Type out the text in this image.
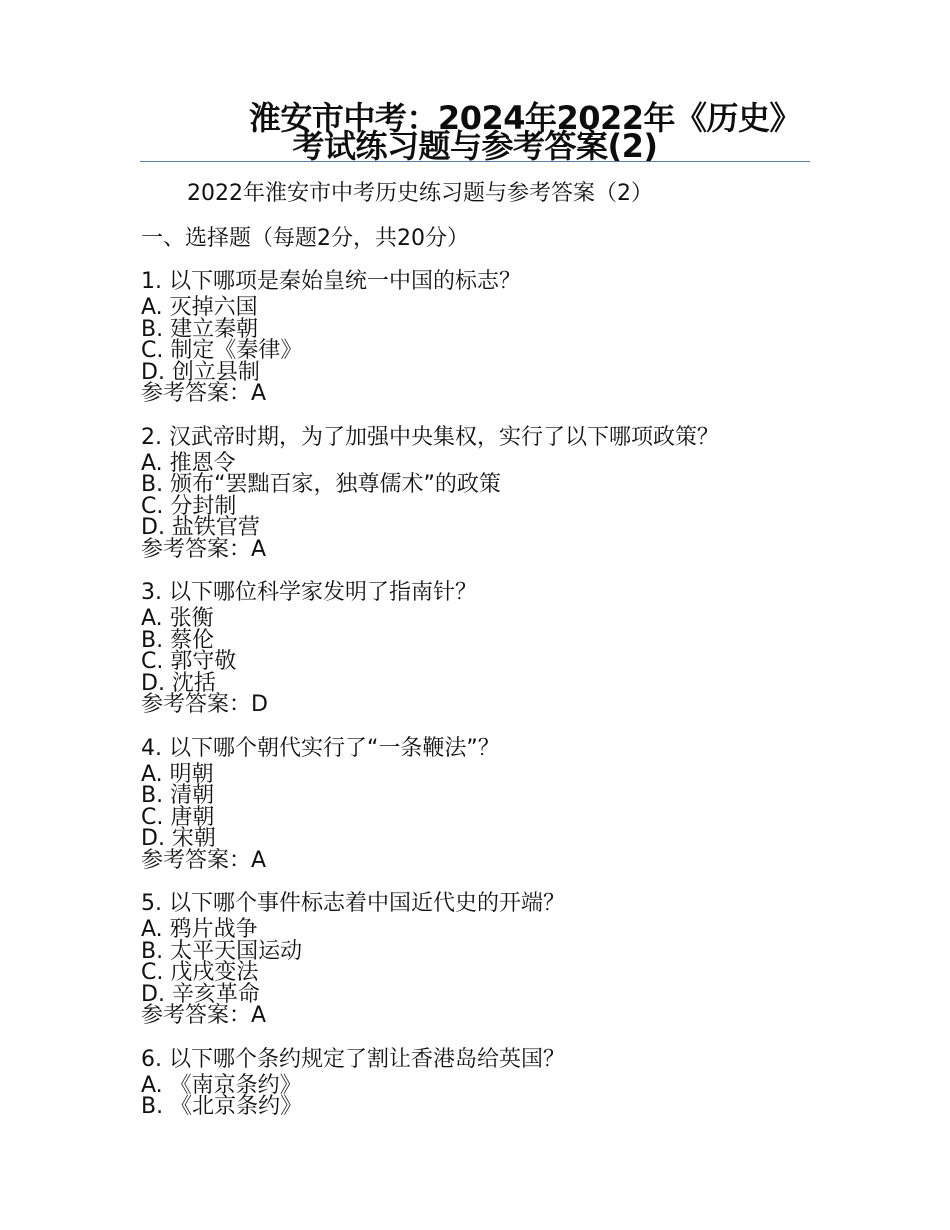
淮安市中考：2024年2022年《历史》
考试练习题与参考答案(2)
2022年淮安市中考历史练习题与参考答案（2）
一、选择题（每题2分，共20分）
1. 以下哪项是秦始皇统一中国的标志？
A. 灭掉六国
B. 建立秦朝
C. 制定《秦律》
D. 创立县制
参考答案：A
2. 汉武帝时期，为了加强中央集权，实行了以下哪项政策？
A. 推恩令
B. 颁布“罢黜百家，独尊儒术”的政策
C. 分封制
D. 盐铁官营
参考答案：A
3. 以下哪位科学家发明了指南针？
A. 张衡
B. 蔡伦
C. 郭守敬
D. 沈括
参考答案：D
4. 以下哪个朝代实行了“一条鞭法”？
A. 明朝
B. 清朝
C. 唐朝
D. 宋朝
参考答案：A
5. 以下哪个事件标志着中国近代史的开端？
A. 鸦片战争
B. 太平天国运动
C. 戊戌变法
D. 辛亥革命
参考答案：A
6. 以下哪个条约规定了割让香港岛给英国？
A. 《南京条约》
B. 《北京条约》
